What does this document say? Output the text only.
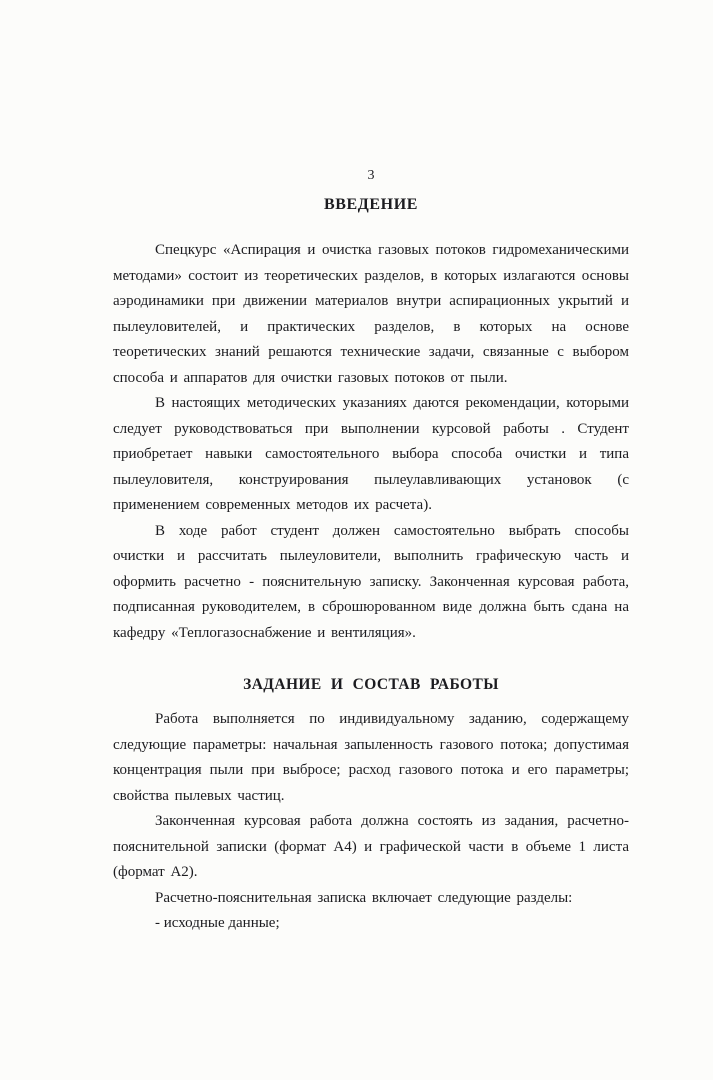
3
ВВЕДЕНИЕ

Спецкурс «Аспирация и очистка газовых потоков гидромеханическими методами» состоит из теоретических разделов, в которых излагаются основы аэродинамики при движении материалов внутри аспирационных укрытий и пылеуловителей, и практических разделов, в которых на основе теоретических знаний решаются технические задачи, связанные с выбором способа и аппаратов для очистки газовых потоков от пыли.

В настоящих методических указаниях даются рекомендации, которыми следует руководствоваться при выполнении курсовой работы . Студент приобретает навыки самостоятельного выбора способа очистки и типа пылеуловителя, конструирования пылеулавливающих установок (с применением современных методов их расчета).

В ходе работ студент должен самостоятельно выбрать способы очистки и рассчитать пылеуловители, выполнить графическую часть и оформить расчетно - пояснительную записку. Законченная курсовая работа, подписанная руководителем, в сброшюрованном виде должна быть сдана на кафедру «Теплогазоснабжение и вентиляция».

ЗАДАНИЕ И СОСТАВ РАБОТЫ

Работа выполняется по индивидуальному заданию, содержащему следующие параметры: начальная запыленность газового потока; допустимая концентрация пыли при выбросе; расход газового потока и его параметры; свойства пылевых частиц.

Законченная курсовая работа должна состоять из задания, расчетно-пояснительной записки (формат А4) и графической части в объеме 1 листа (формат А2).

Расчетно-пояснительная записка включает следующие разделы:

- исходные данные;
